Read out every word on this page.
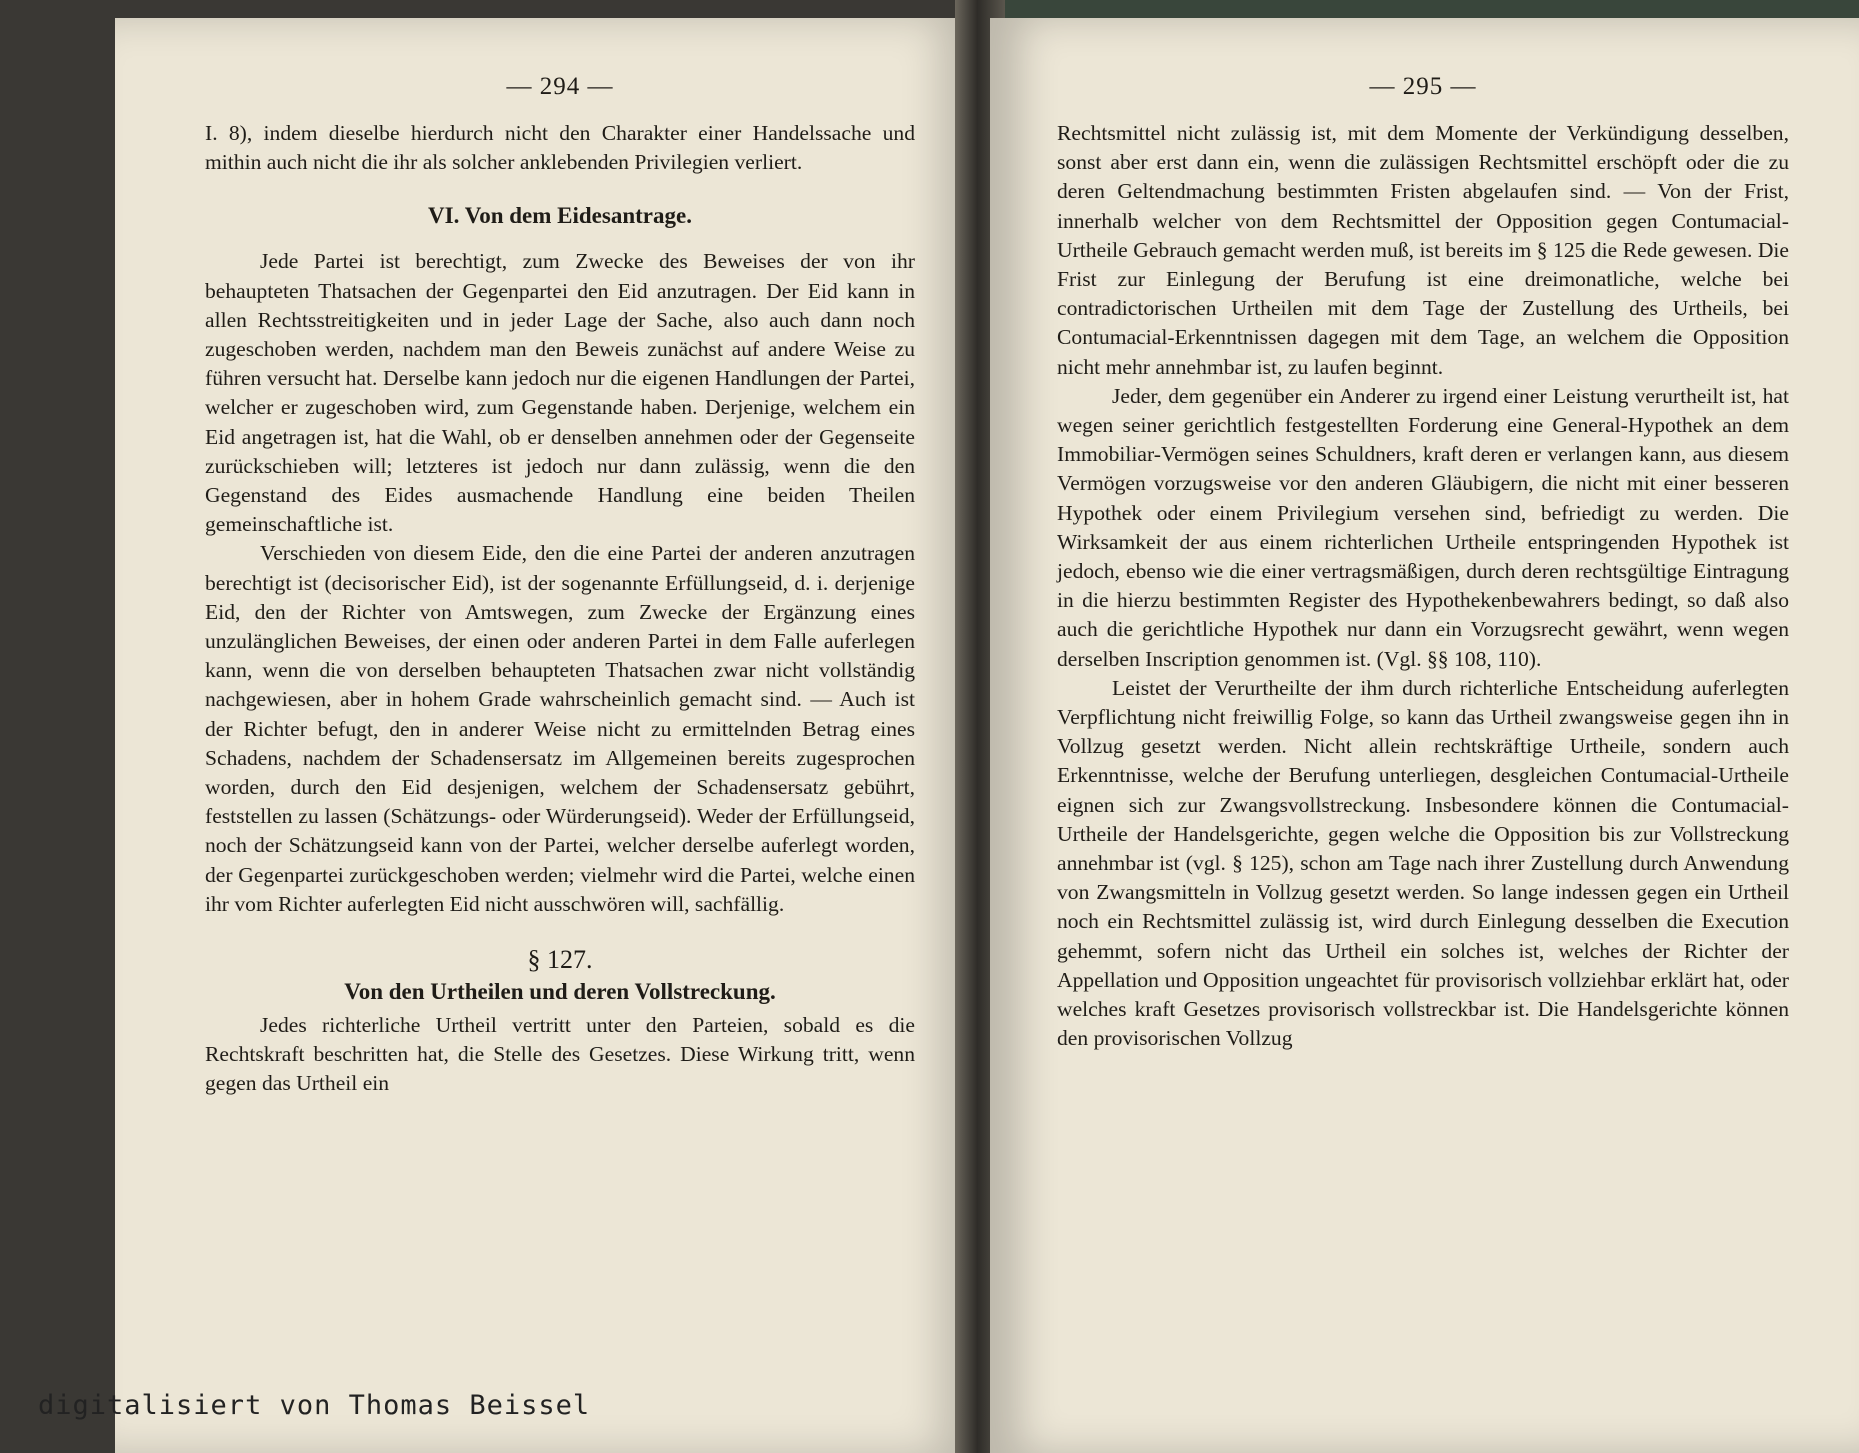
— 294 —

I. 8), indem dieselbe hierdurch nicht den Charakter einer Handelssache und mithin auch nicht die ihr als solcher anklebenden Privilegien verliert.

VI. Von dem Eidesantrage.

Jede Partei ist berechtigt, zum Zwecke des Beweises der von ihr behaupteten Thatsachen der Gegenpartei den Eid anzutragen. Der Eid kann in allen Rechtsstreitigkeiten und in jeder Lage der Sache, also auch dann noch zugeschoben werden, nachdem man den Beweis zunächst auf andere Weise zu führen versucht hat. Derselbe kann jedoch nur die eigenen Handlungen der Partei, welcher er zugeschoben wird, zum Gegenstande haben. Derjenige, welchem ein Eid angetragen ist, hat die Wahl, ob er denselben annehmen oder der Gegenseite zurückschieben will; letzteres ist jedoch nur dann zulässig, wenn die den Gegenstand des Eides ausmachende Handlung eine beiden Theilen gemeinschaftliche ist.

Verschieden von diesem Eide, den die eine Partei der anderen anzutragen berechtigt ist (decisorischer Eid), ist der sogenannte Erfüllungseid, d. i. derjenige Eid, den der Richter von Amtswegen, zum Zwecke der Ergänzung eines unzulänglichen Beweises, der einen oder anderen Partei in dem Falle auferlegen kann, wenn die von derselben behaupteten Thatsachen zwar nicht vollständig nachgewiesen, aber in hohem Grade wahrscheinlich gemacht sind. — Auch ist der Richter befugt, den in anderer Weise nicht zu ermittelnden Betrag eines Schadens, nachdem der Schadensersatz im Allgemeinen bereits zugesprochen worden, durch den Eid desjenigen, welchem der Schadensersatz gebührt, feststellen zu lassen (Schätzungs- oder Würderungseid). Weder der Erfüllungseid, noch der Schätzungseid kann von der Partei, welcher derselbe auferlegt worden, der Gegenpartei zurückgeschoben werden; vielmehr wird die Partei, welche einen ihr vom Richter auferlegten Eid nicht ausschwören will, sachfällig.

§ 127.
Von den Urtheilen und deren Vollstreckung.

Jedes richterliche Urtheil vertritt unter den Parteien, sobald es die Rechtskraft beschritten hat, die Stelle des Gesetzes. Diese Wirkung tritt, wenn gegen das Urtheil ein

— 295 —

Rechtsmittel nicht zulässig ist, mit dem Momente der Verkündigung desselben, sonst aber erst dann ein, wenn die zulässigen Rechtsmittel erschöpft oder die zu deren Geltendmachung bestimmten Fristen abgelaufen sind. — Von der Frist, innerhalb welcher von dem Rechtsmittel der Opposition gegen Contumacial-Urtheile Gebrauch gemacht werden muß, ist bereits im § 125 die Rede gewesen. Die Frist zur Einlegung der Berufung ist eine dreimonatliche, welche bei contradictorischen Urtheilen mit dem Tage der Zustellung des Urtheils, bei Contumacial-Erkenntnissen dagegen mit dem Tage, an welchem die Opposition nicht mehr annehmbar ist, zu laufen beginnt.

Jeder, dem gegenüber ein Anderer zu irgend einer Leistung verurtheilt ist, hat wegen seiner gerichtlich festgestellten Forderung eine General-Hypothek an dem Immobiliar-Vermögen seines Schuldners, kraft deren er verlangen kann, aus diesem Vermögen vorzugsweise vor den anderen Gläubigern, die nicht mit einer besseren Hypothek oder einem Privilegium versehen sind, befriedigt zu werden. Die Wirksamkeit der aus einem richterlichen Urtheile entspringenden Hypothek ist jedoch, ebenso wie die einer vertragsmäßigen, durch deren rechtsgültige Eintragung in die hierzu bestimmten Register des Hypothekenbewahrers bedingt, so daß also auch die gerichtliche Hypothek nur dann ein Vorzugsrecht gewährt, wenn wegen derselben Inscription genommen ist. (Vgl. §§ 108, 110).

Leistet der Verurtheilte der ihm durch richterliche Entscheidung auferlegten Verpflichtung nicht freiwillig Folge, so kann das Urtheil zwangsweise gegen ihn in Vollzug gesetzt werden. Nicht allein rechtskräftige Urtheile, sondern auch Erkenntnisse, welche der Berufung unterliegen, desgleichen Contumacial-Urtheile eignen sich zur Zwangsvollstreckung. Insbesondere können die Contumacial-Urtheile der Handelsgerichte, gegen welche die Opposition bis zur Vollstreckung annehmbar ist (vgl. § 125), schon am Tage nach ihrer Zustellung durch Anwendung von Zwangsmitteln in Vollzug gesetzt werden. So lange indessen gegen ein Urtheil noch ein Rechtsmittel zulässig ist, wird durch Einlegung desselben die Execution gehemmt, sofern nicht das Urtheil ein solches ist, welches der Richter der Appellation und Opposition ungeachtet für provisorisch vollziehbar erklärt hat, oder welches kraft Gesetzes provisorisch vollstreckbar ist. Die Handelsgerichte können den provisorischen Vollzug

digitalisiert von Thomas Beissel
